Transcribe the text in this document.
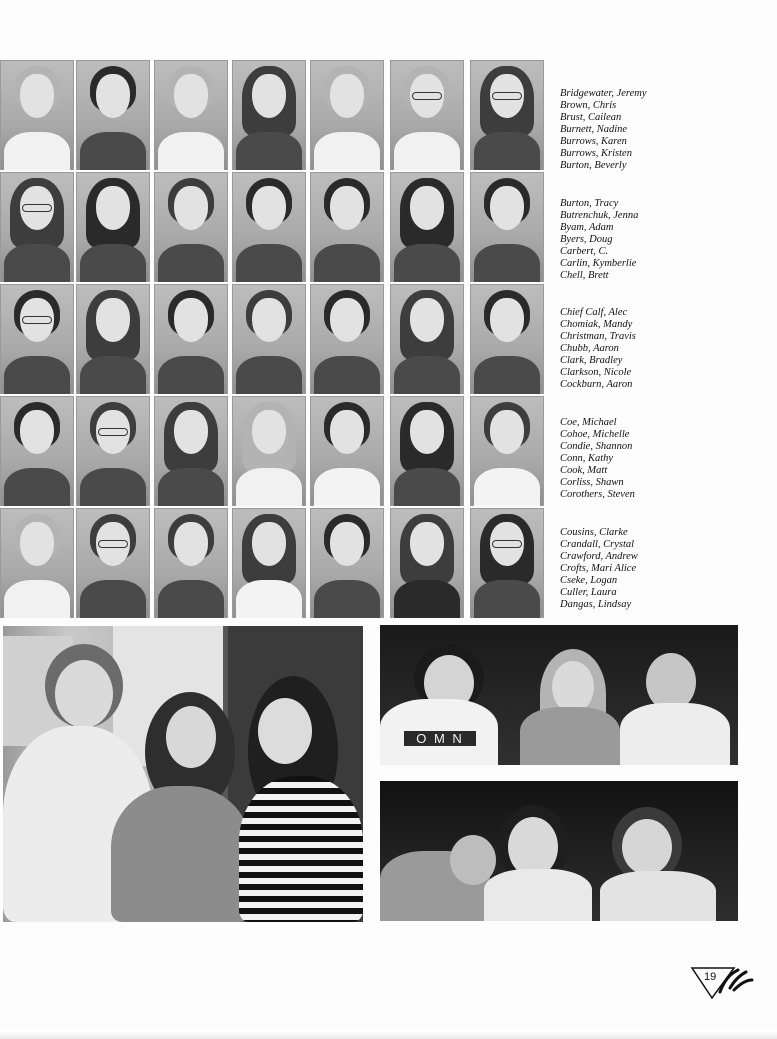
Bridgewater, Jeremy
Brown, Chris
Brust, Cailean
Burnett, Nadine
Burrows, Karen
Burrows, Kristen
Burton, Beverly
Burton, Tracy
Butrenchuk, Jenna
Byam, Adam
Byers, Doug
Carbert, C.
Carlin, Kymberlie
Chell, Brett
Chief Calf, Alec
Chomiak, Mandy
Christman, Travis
Chubb, Aaron
Clark, Bradley
Clarkson, Nicole
Cockburn, Aaron
Coe, Michael
Cohoe, Michelle
Condie, Shannon
Conn, Kathy
Cook, Matt
Corliss, Shawn
Corothers, Steven
Cousins, Clarke
Crandall, Crystal
Crawford, Andrew
Crofts, Mari Alice
Cseke, Logan
Culler, Laura
Dangas, Lindsay
O M N
19
